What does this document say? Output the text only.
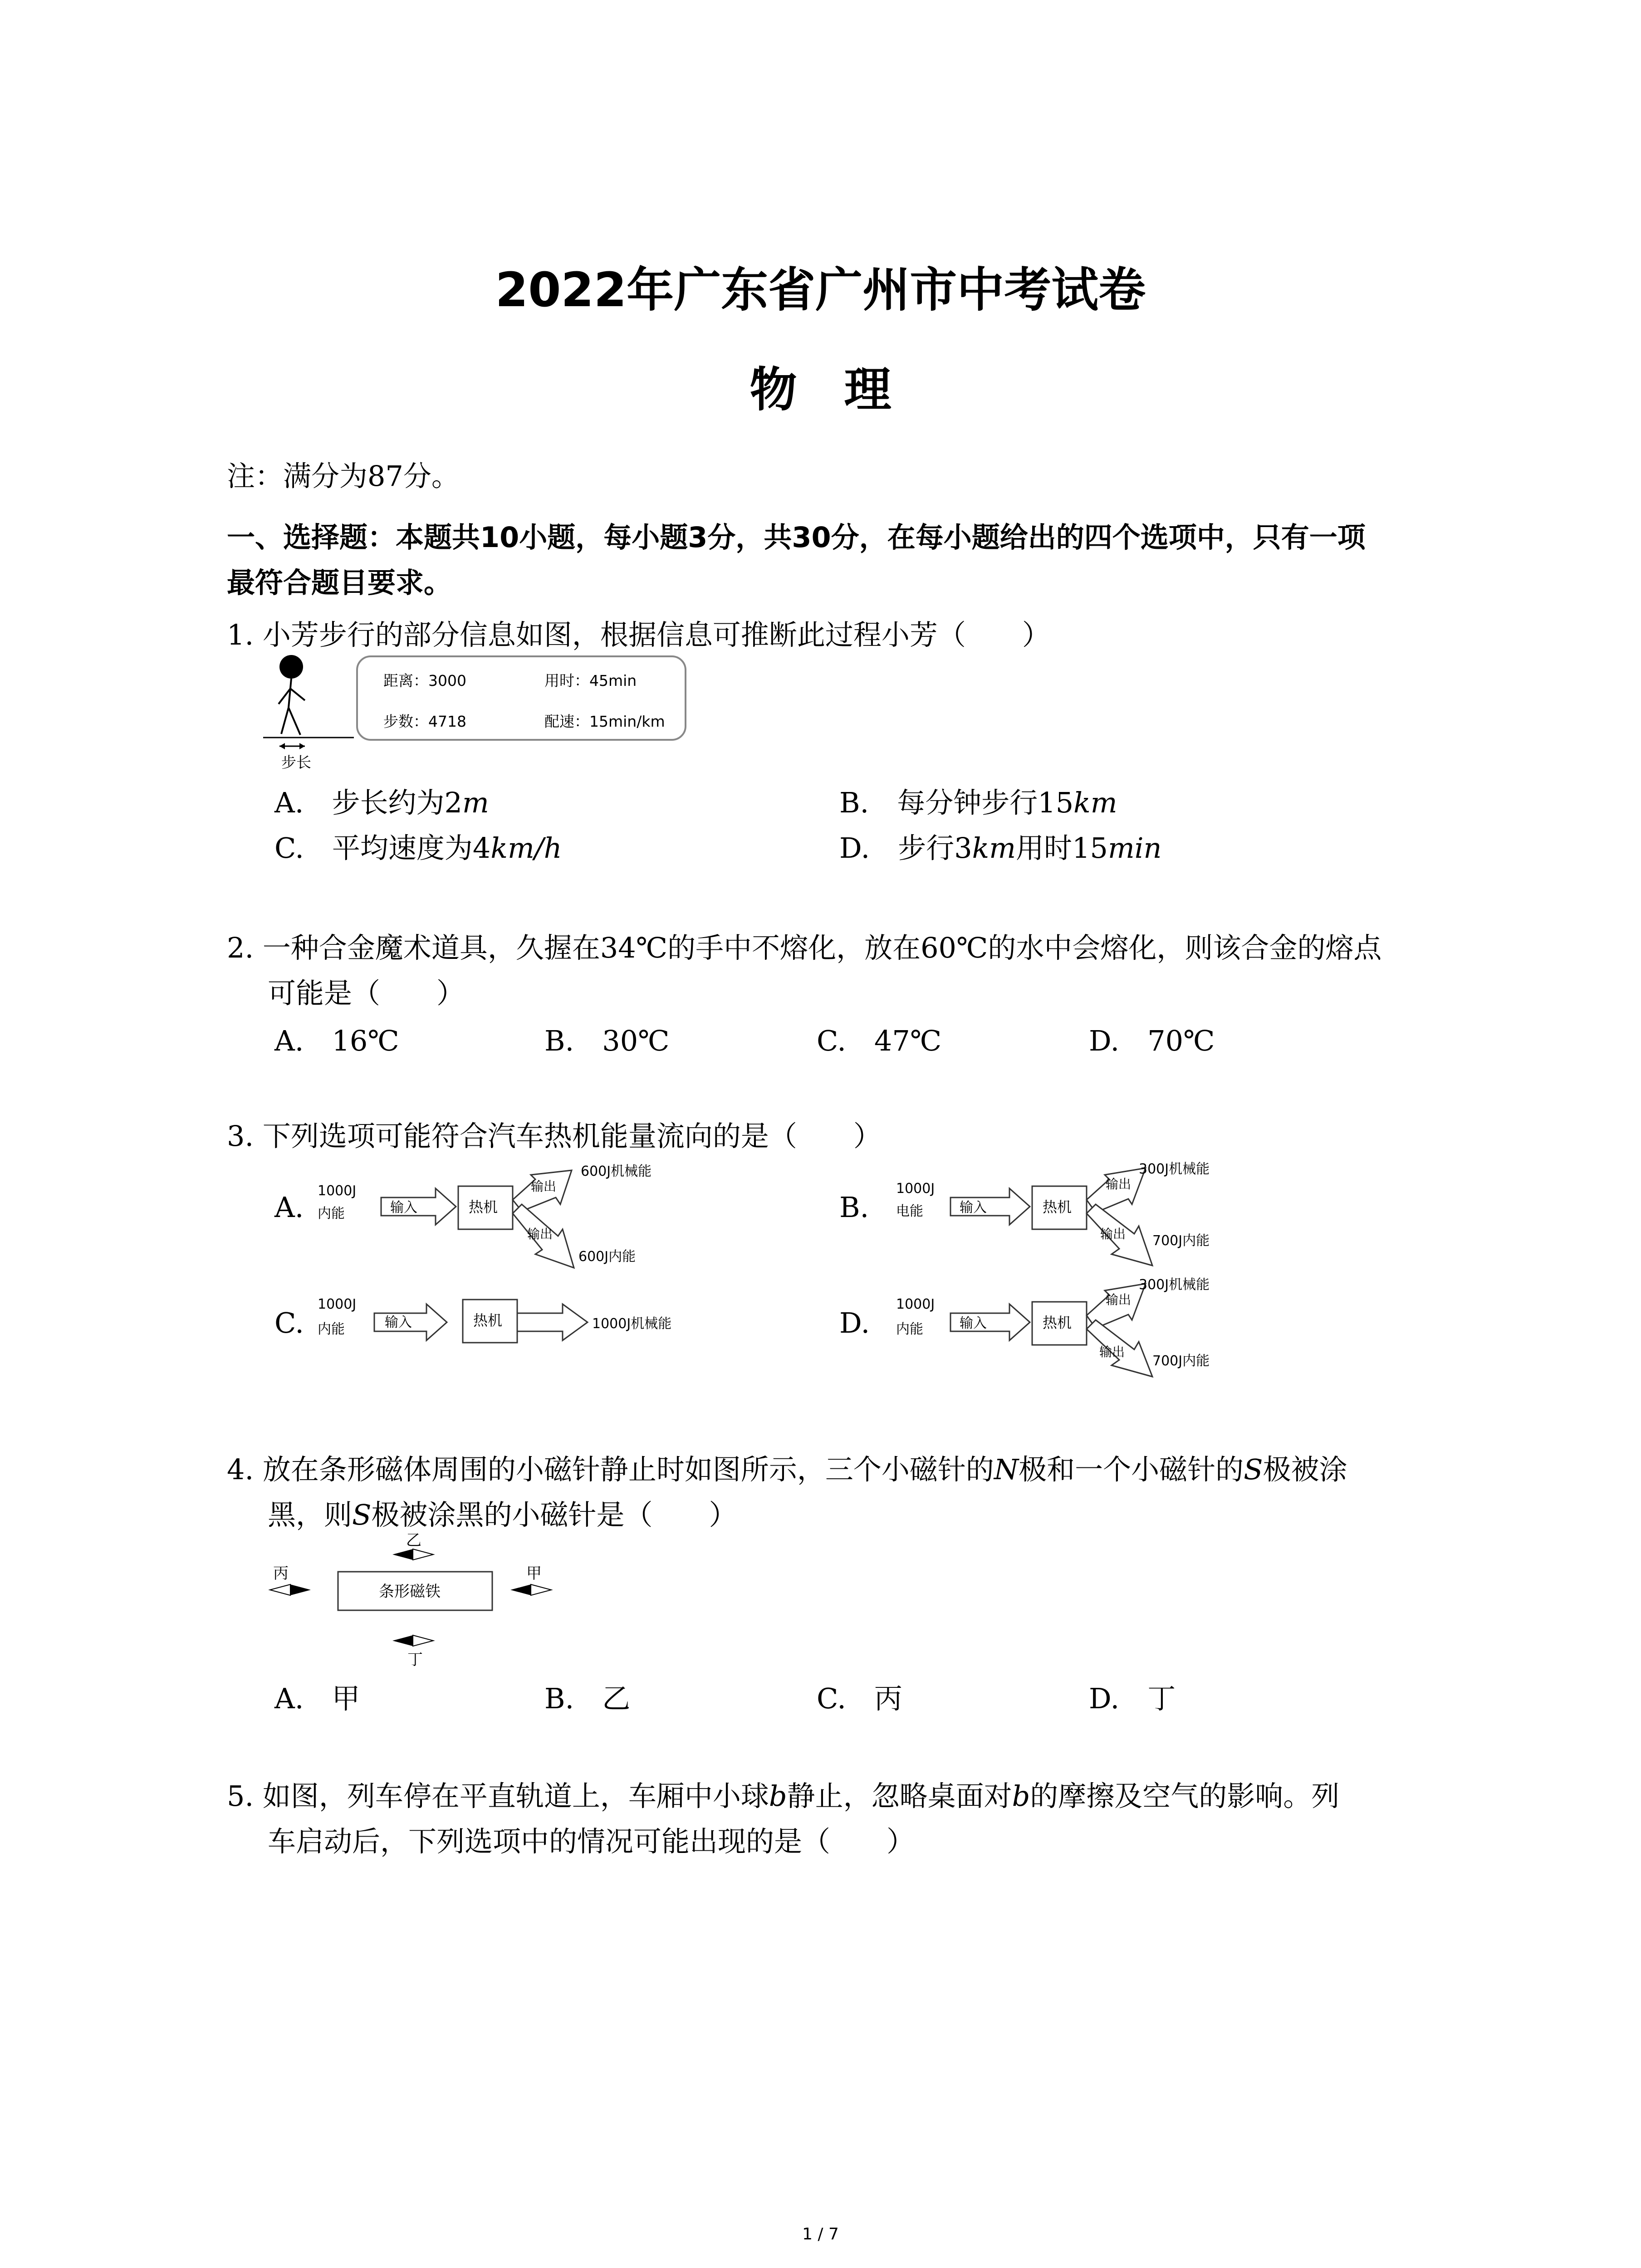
2022年广东省广州市中考试卷
物　理
注：满分为87分。
一、选择题：本题共10小题，每小题3分，共30分，在每小题给出的四个选项中，只有一项
最符合题目要求。
1. 小芳步行的部分信息如图，根据信息可推断此过程小芳（　　）
步长
距离：3000	用时：45min
步数：4718	配速：15min/km
A.　步长约为2m	B.　每分钟步行15km
C.　平均速度为4km/h	D.　步行3km用时15min
2. 一种合金魔术道具，久握在34℃的手中不熔化，放在60℃的水中会熔化，则该合金的熔点
可能是（　　）
A.　16℃	B.　30℃	C.　47℃	D.　70℃
3. 下列选项可能符合汽车热机能量流向的是（　　）
A.	B.
C.	D.
1000J
内能	输入	热机
输出
输出
600J机械能
600J内能
1000J
电能	输入	热机
输出
输出
300J机械能
700J内能
1000J
内能	输入	热机	1000J机械能
1000J
内能	输入	热机
输出
输出
300J机械能
700J内能
4. 放在条形磁体周围的小磁针静止时如图所示，三个小磁针的N极和一个小磁针的S极被涂
黑，则S极被涂黑的小磁针是（　　）
条形磁铁
乙
丙	甲
丁
A.　甲	B.　乙	C.　丙	D.　丁
5. 如图，列车停在平直轨道上，车厢中小球b静止，忽略桌面对b的摩擦及空气的影响。列
车启动后，下列选项中的情况可能出现的是（　　）
1 / 7
